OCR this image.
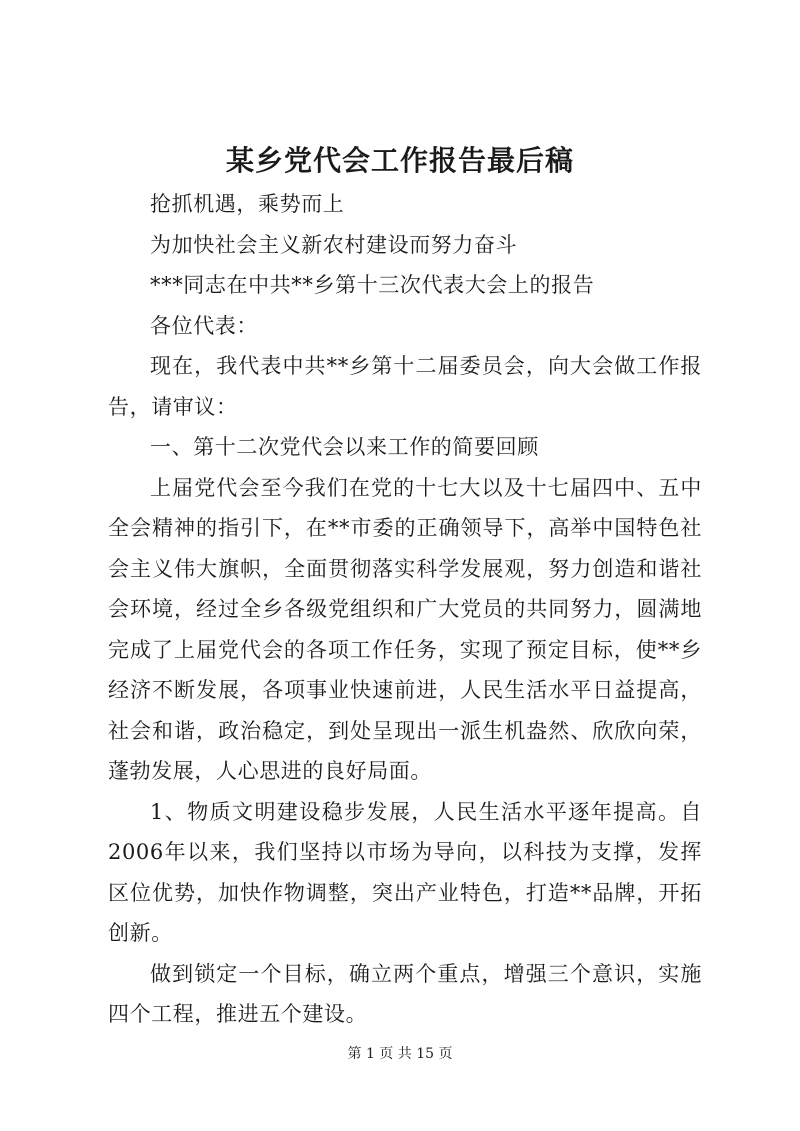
某乡党代会工作报告最后稿

抢抓机遇，乘势而上

为加快社会主义新农村建设而努力奋斗

***同志在中共**乡第十三次代表大会上的报告

各位代表：

现在，我代表中共**乡第十二届委员会，向大会做工作报告，请审议：

一、第十二次党代会以来工作的简要回顾

上届党代会至今我们在党的十七大以及十七届四中、五中全会精神的指引下，在**市委的正确领导下，高举中国特色社会主义伟大旗帜，全面贯彻落实科学发展观，努力创造和谐社会环境，经过全乡各级党组织和广大党员的共同努力，圆满地完成了上届党代会的各项工作任务，实现了预定目标，使**乡经济不断发展，各项事业快速前进，人民生活水平日益提高，社会和谐，政治稳定，到处呈现出一派生机盎然、欣欣向荣，蓬勃发展，人心思进的良好局面。

1、物质文明建设稳步发展，人民生活水平逐年提高。自2006年以来，我们坚持以市场为导向，以科技为支撑，发挥区位优势，加快作物调整，突出产业特色，打造**品牌，开拓创新。

做到锁定一个目标，确立两个重点，增强三个意识，实施四个工程，推进五个建设。

第 1 页 共 15 页
